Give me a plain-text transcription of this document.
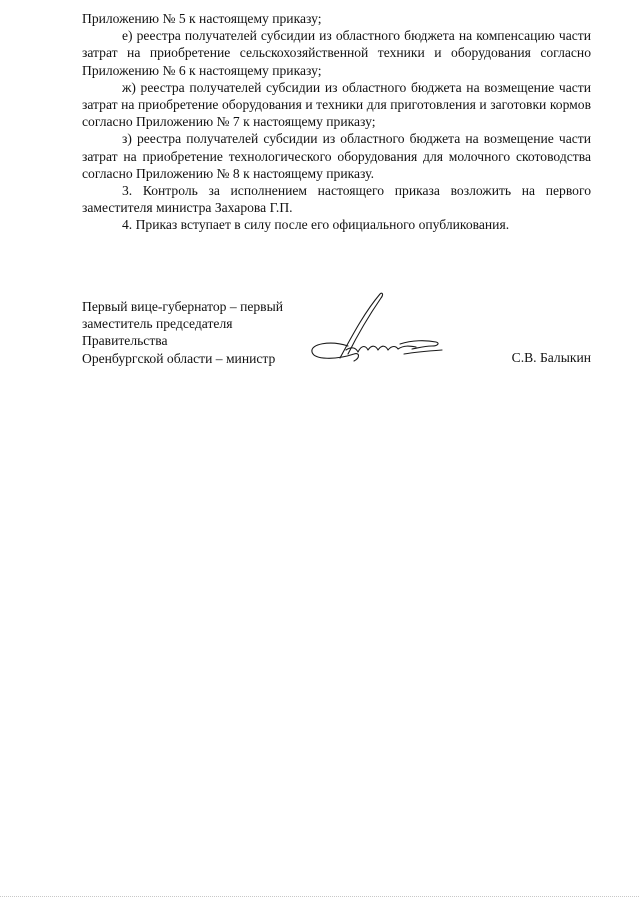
Приложению № 5 к настоящему приказу;

е) реестра получателей субсидии из областного бюджета на компенсацию части затрат на приобретение сельскохозяйственной техники и оборудования согласно Приложению № 6 к настоящему приказу;

ж) реестра получателей субсидии из областного бюджета на возмещение части затрат на приобретение оборудования и техники для приготовления и заготовки кормов согласно Приложению № 7 к настоящему приказу;

з) реестра получателей субсидии из областного бюджета на возмещение части затрат на приобретение технологического оборудования для молочного скотоводства согласно Приложению № 8 к настоящему приказу.

3. Контроль за исполнением настоящего приказа возложить на первого заместителя министра Захарова Г.П.

4. Приказ вступает в силу после его официального опубликования.

Первый вице-губернатор – первый
заместитель председателя
Правительства
Оренбургской области – министр	С.В. Балыкин
